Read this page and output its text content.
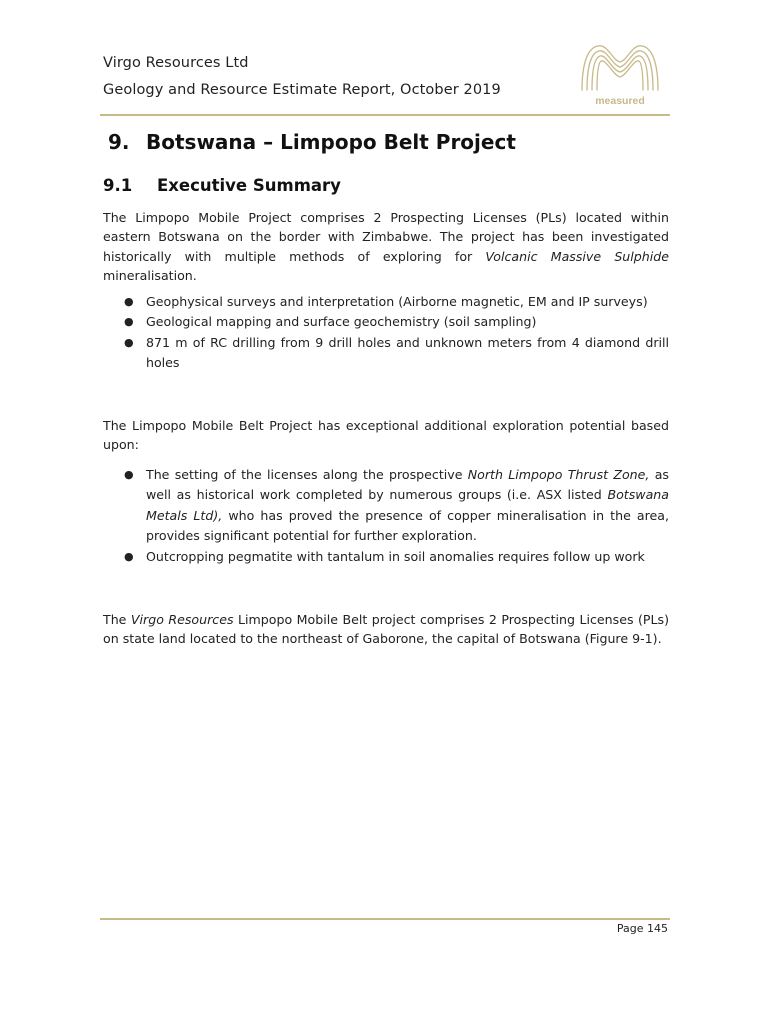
Virgo Resources Ltd
Geology and Resource Estimate Report, October 2019
measured
9. Botswana – Limpopo Belt Project
9.1 Executive Summary

The Limpopo Mobile Project comprises 2 Prospecting Licenses (PLs) located within eastern Botswana on the border with Zimbabwe. The project has been investigated historically with multiple methods of exploring for Volcanic Massive Sulphide mineralisation.

● Geophysical surveys and interpretation (Airborne magnetic, EM and IP surveys)
● Geological mapping and surface geochemistry (soil sampling)
● 871 m of RC drilling from 9 drill holes and unknown meters from 4 diamond drill holes

The Limpopo Mobile Belt Project has exceptional additional exploration potential based upon:

● The setting of the licenses along the prospective North Limpopo Thrust Zone, as well as historical work completed by numerous groups (i.e. ASX listed Botswana Metals Ltd), who has proved the presence of copper mineralisation in the area, provides significant potential for further exploration.
● Outcropping pegmatite with tantalum in soil anomalies requires follow up work

The Virgo Resources Limpopo Mobile Belt project comprises 2 Prospecting Licenses (PLs) on state land located to the northeast of Gaborone, the capital of Botswana (Figure 9-1).

Page 145
